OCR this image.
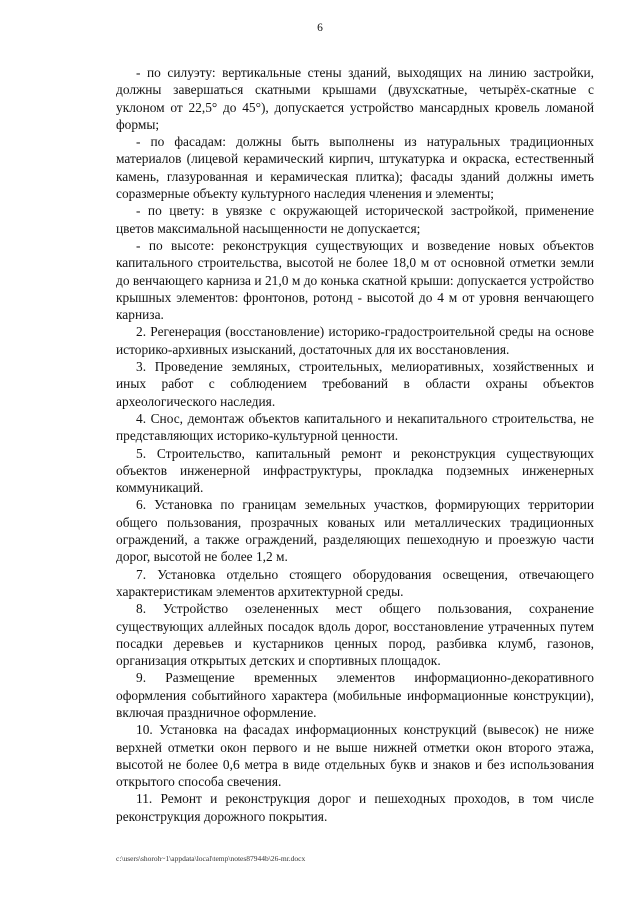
6

- по силуэту: вертикальные стены зданий, выходящих на линию застройки, должны завершаться скатными крышами (двухскатные, четырёх-скатные с уклоном от 22,5° до 45°), допускается устройство мансардных кровель ломаной формы;

- по фасадам: должны быть выполнены из натуральных традиционных материалов (лицевой керамический кирпич, штукатурка и окраска, естественный камень, глазурованная и керамическая плитка); фасады зданий должны иметь соразмерные объекту культурного наследия членения и элементы;

- по цвету: в увязке с окружающей исторической застройкой, применение цветов максимальной насыщенности не допускается;

- по высоте: реконструкция существующих и возведение новых объектов капитального строительства, высотой не более 18,0 м от основной отметки земли до венчающего карниза и 21,0 м до конька скатной крыши: допускается устройство крышных элементов: фронтонов, ротонд - высотой до 4 м от уровня венчающего карниза.

2. Регенерация (восстановление) историко-градостроительной среды на основе историко-архивных изысканий, достаточных для их восстановления.

3. Проведение земляных, строительных, мелиоративных, хозяйственных и иных работ с соблюдением требований в области охраны объектов археологического наследия.

4. Снос, демонтаж объектов капитального и некапитального строительства, не представляющих историко-культурной ценности.

5. Строительство, капитальный ремонт и реконструкция существующих объектов инженерной инфраструктуры, прокладка подземных инженерных коммуникаций.

6. Установка по границам земельных участков, формирующих территории общего пользования, прозрачных кованых или металлических традиционных ограждений, а также ограждений, разделяющих пешеходную и проезжую части дорог, высотой не более 1,2 м.

7. Установка отдельно стоящего оборудования освещения, отвечающего характеристикам элементов архитектурной среды.

8. Устройство озелененных мест общего пользования, сохранение существующих аллейных посадок вдоль дорог, восстановление утраченных путем посадки деревьев и кустарников ценных пород, разбивка клумб, газонов, организация открытых детских и спортивных площадок.

9. Размещение временных элементов информационно-декоративного оформления событийного характера (мобильные информационные конструкции), включая праздничное оформление.

10. Установка на фасадах информационных конструкций (вывесок) не ниже верхней отметки окон первого и не выше нижней отметки окон второго этажа, высотой не более 0,6 метра в виде отдельных букв и знаков и без использования открытого способа свечения.

11. Ремонт и реконструкция дорог и пешеходных проходов, в том числе реконструкция дорожного покрытия.

c:\users\shoroh~1\appdata\local\temp\notes87944b\26-mr.docx
